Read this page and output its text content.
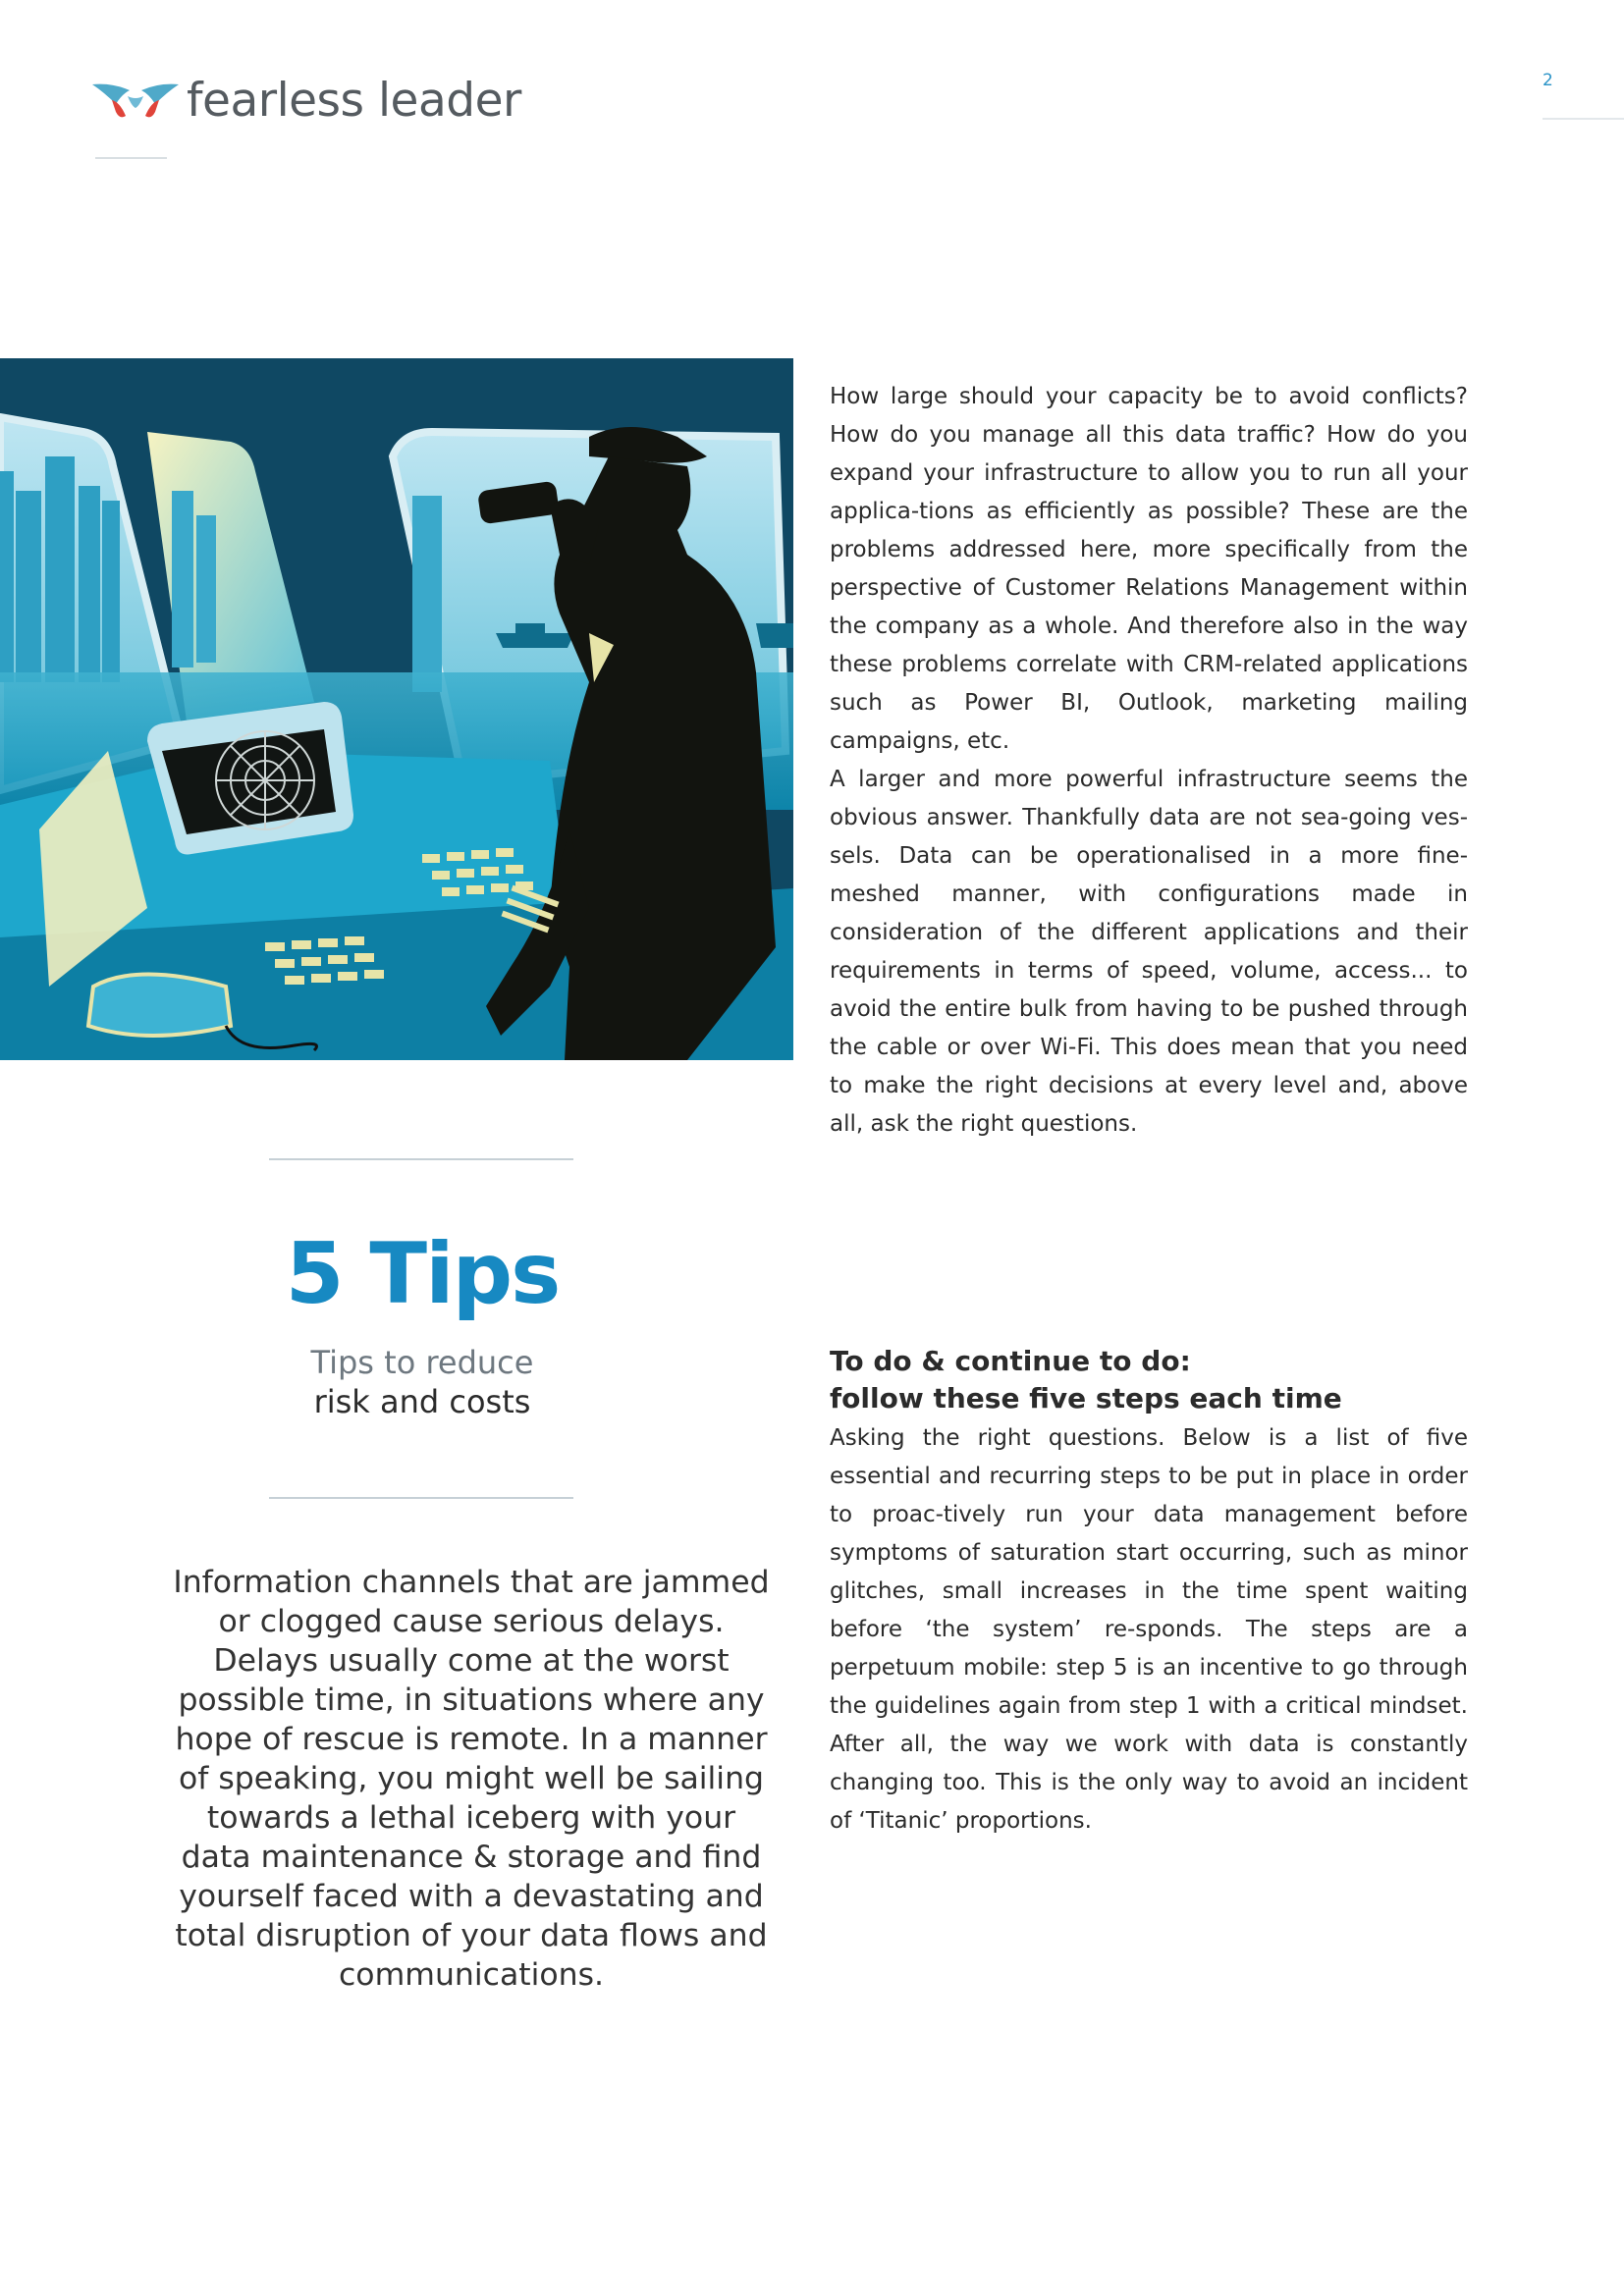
fearless leader	2

How large should your capacity be to avoid conflicts? How do you manage all this data traffic? How do you expand your infrastructure to allow you to run all your applica-tions as efficiently as possible? These are the problems addressed here, more specifically from the perspective of Customer Relations Management within the company as a whole. And therefore also in the way these problems correlate with CRM-related applications such as Power BI, Outlook, marketing mailing campaigns, etc.

A larger and more powerful infrastructure seems the obvious answer. Thankfully data are not sea-going ves-sels. Data can be operationalised in a more fine-meshed manner, with configurations made in consideration of the different applications and their requirements in terms of speed, volume, access... to avoid the entire bulk from having to be pushed through the cable or over Wi-Fi. This does mean that you need to make the right decisions at every level and, above all, ask the right questions.

5 Tips
Tips to reduce
risk and costs
Information channels that are jammed or clogged cause serious delays. Delays usually come at the worst possible time, in situations where any hope of rescue is remote. In a manner of speaking, you might well be sailing towards a lethal iceberg with your data maintenance & storage and find yourself faced with a devastating and total disruption of your data flows and communications.
To do & continue to do:
follow these five steps each time

Asking the right questions. Below is a list of five essential and recurring steps to be put in place in order to proac-tively run your data management before symptoms of saturation start occurring, such as minor glitches, small increases in the time spent waiting before ‘the system’ re-sponds. The steps are a perpetuum mobile: step 5 is an incentive to go through the guidelines again from step 1 with a critical mindset. After all, the way we work with data is constantly changing too. This is the only way to avoid an incident of ‘Titanic’ proportions.
